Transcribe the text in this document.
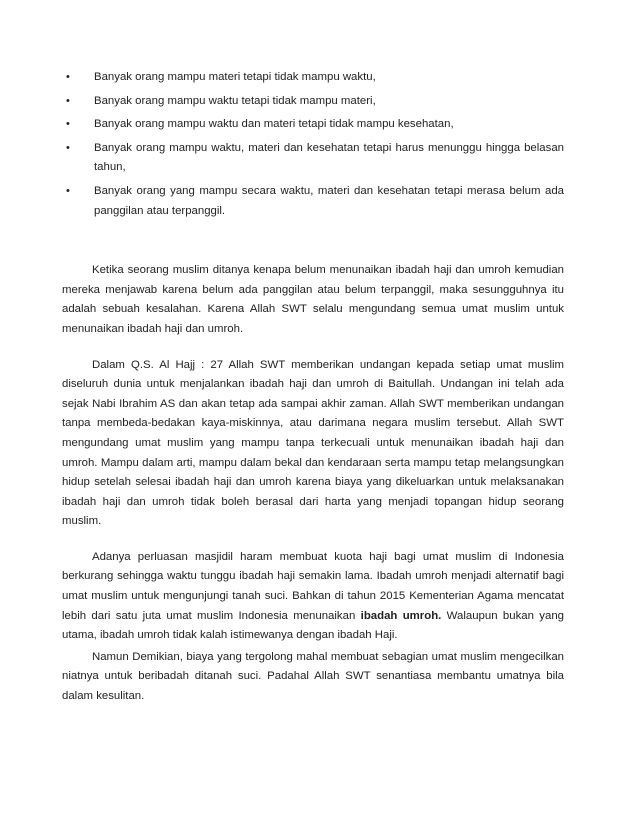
• Banyak orang mampu materi tetapi tidak mampu waktu,
• Banyak orang mampu waktu tetapi tidak mampu materi,
• Banyak orang mampu waktu dan materi tetapi tidak mampu kesehatan,
• Banyak orang mampu waktu, materi dan kesehatan tetapi harus menunggu hingga belasan tahun,
• Banyak orang yang mampu secara waktu, materi dan kesehatan tetapi merasa belum ada panggilan atau terpanggil.

Ketika seorang muslim ditanya kenapa belum menunaikan ibadah haji dan umroh kemudian mereka menjawab karena belum ada panggilan atau belum terpanggil, maka sesungguhnya itu adalah sebuah kesalahan. Karena Allah SWT selalu mengundang semua umat muslim untuk menunaikan ibadah haji dan umroh.

Dalam Q.S. Al Hajj : 27 Allah SWT memberikan undangan kepada setiap umat muslim diseluruh dunia untuk menjalankan ibadah haji dan umroh di Baitullah. Undangan ini telah ada sejak Nabi Ibrahim AS dan akan tetap ada sampai akhir zaman. Allah SWT memberikan undangan tanpa membeda-bedakan kaya-miskinnya, atau darimana negara muslim tersebut. Allah SWT mengundang umat muslim yang mampu tanpa terkecuali untuk menunaikan ibadah haji dan umroh. Mampu dalam arti, mampu dalam bekal dan kendaraan serta mampu tetap melangsungkan hidup setelah selesai ibadah haji dan umroh karena biaya yang dikeluarkan untuk melaksanakan ibadah haji dan umroh tidak boleh berasal dari harta yang menjadi topangan hidup seorang muslim.

Adanya perluasan masjidil haram membuat kuota haji bagi umat muslim di Indonesia berkurang sehingga waktu tunggu ibadah haji semakin lama. Ibadah umroh menjadi alternatif bagi umat muslim untuk mengunjungi tanah suci. Bahkan di tahun 2015 Kementerian Agama mencatat lebih dari satu juta umat muslim Indonesia menunaikan ibadah umroh. Walaupun bukan yang utama, ibadah umroh tidak kalah istimewanya dengan ibadah Haji.

Namun Demikian, biaya yang tergolong mahal membuat sebagian umat muslim mengecilkan niatnya untuk beribadah ditanah suci. Padahal Allah SWT senantiasa membantu umatnya bila dalam kesulitan.
